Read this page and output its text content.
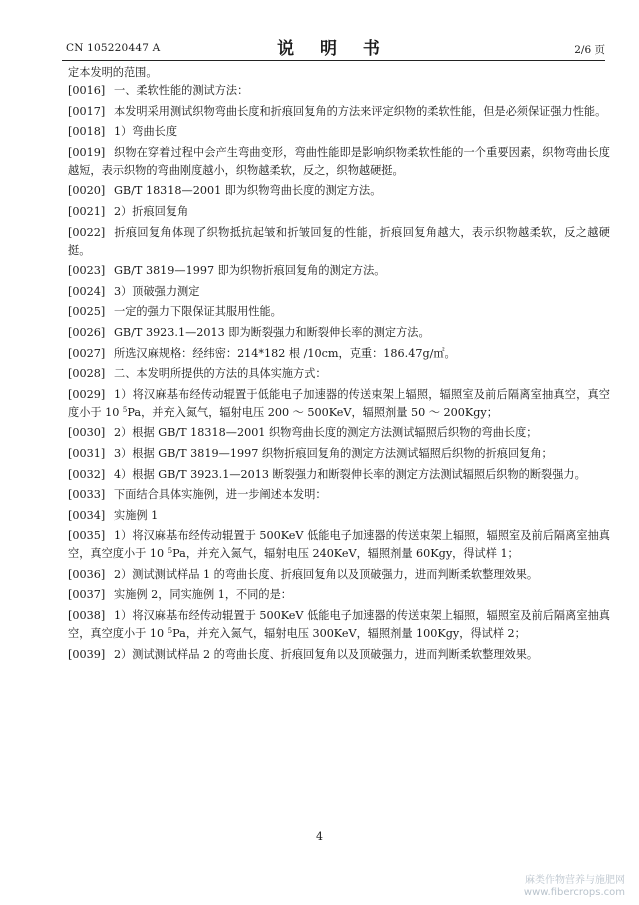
CN 105220447 A	说 明 书	2/6 页

定本发明的范围。

[0016] 一、柔软性能的测试方法：

[0017] 本发明采用测试织物弯曲长度和折痕回复角的方法来评定织物的柔软性能，但是必须保证强力性能。

[0018] 1）弯曲长度

[0019] 织物在穿着过程中会产生弯曲变形，弯曲性能即是影响织物柔软性能的一个重要因素，织物弯曲长度越短，表示织物的弯曲刚度越小，织物越柔软，反之，织物越硬挺。

[0020] GB/T 18318—2001 即为织物弯曲长度的测定方法。

[0021] 2）折痕回复角

[0022] 折痕回复角体现了织物抵抗起皱和折皱回复的性能，折痕回复角越大，表示织物越柔软，反之越硬挺。

[0023] GB/T 3819—1997 即为织物折痕回复角的测定方法。

[0024] 3）顶破强力测定

[0025] 一定的强力下限保证其服用性能。

[0026] GB/T 3923.1—2013 即为断裂强力和断裂伸长率的测定方法。

[0027] 所选汉麻规格：经纬密：214*182 根 /10cm，克重：186.47g/㎡。

[0028] 二、本发明所提供的方法的具体实施方式：

[0029] 1）将汉麻基布经传动辊置于低能电子加速器的传送束架上辐照，辐照室及前后隔离室抽真空，真空度小于 10 $^5$Pa，并充入氮气，辐射电压 200 ～ 500KeV，辐照剂量 50 ～ 200Kgy；

[0030] 2）根据 GB/T 18318—2001 织物弯曲长度的测定方法测试辐照后织物的弯曲长度；

[0031] 3）根据 GB/T 3819—1997 织物折痕回复角的测定方法测试辐照后织物的折痕回复角；

[0032] 4）根据 GB/T 3923.1—2013 断裂强力和断裂伸长率的测定方法测试辐照后织物的断裂强力。

[0033] 下面结合具体实施例，进一步阐述本发明：

[0034] 实施例 1

[0035] 1）将汉麻基布经传动辊置于 500KeV 低能电子加速器的传送束架上辐照，辐照室及前后隔离室抽真空，真空度小于 10 $^5$Pa，并充入氮气，辐射电压 240KeV，辐照剂量 60Kgy，得试样 1；

[0036] 2）测试测试样品 1 的弯曲长度、折痕回复角以及顶破强力，进而判断柔软整理效果。

[0037] 实施例 2，同实施例 1，不同的是：

[0038] 1）将汉麻基布经传动辊置于 500KeV 低能电子加速器的传送束架上辐照，辐照室及前后隔离室抽真空，真空度小于 10 $^5$Pa，并充入氮气，辐射电压 300KeV，辐照剂量 100Kgy，得试样 2；

[0039] 2）测试测试样品 2 的弯曲长度、折痕回复角以及顶破强力，进而判断柔软整理效果。

4
麻类作物营养与施肥网
www.fibercrops.com
